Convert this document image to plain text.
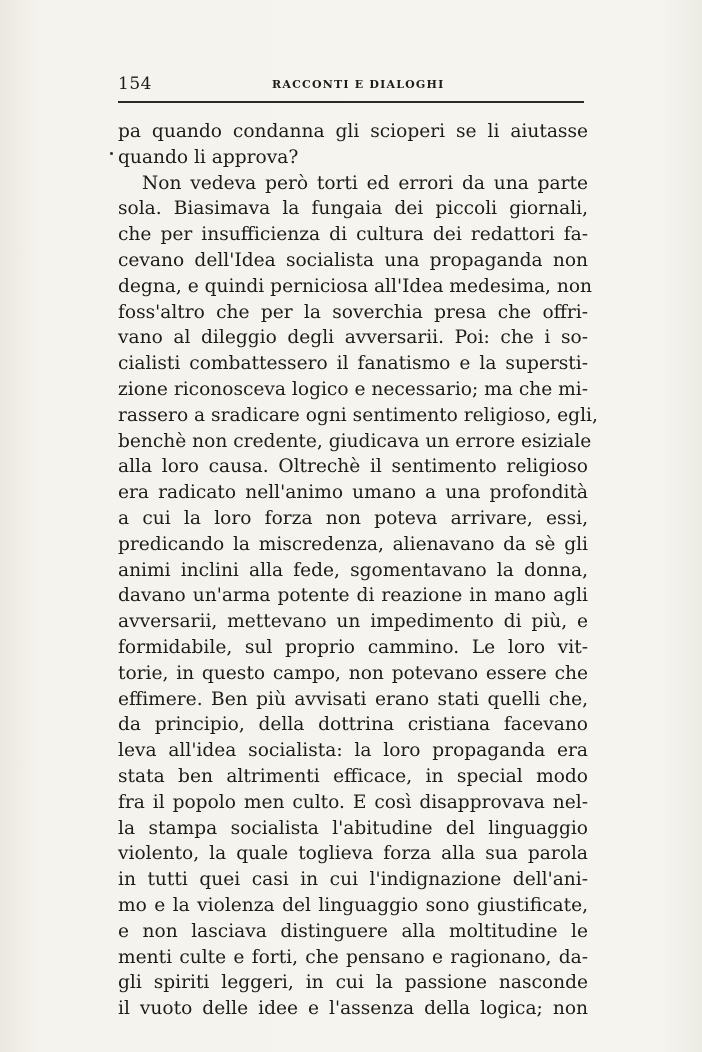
154	RACCONTI E DIALOGHI
pa quando condanna gli scioperi se li aiutasse
quando li approva?
Non vedeva però torti ed errori da una parte
sola. Biasimava la fungaia dei piccoli giornali,
che per insufficienza di cultura dei redattori fa-
cevano dell'Idea socialista una propaganda non
degna, e quindi perniciosa all'Idea medesima, non
foss'altro che per la soverchia presa che offri-
vano al dileggio degli avversarii. Poi: che i so-
cialisti combattessero il fanatismo e la supersti-
zione riconosceva logico e necessario; ma che mi-
rassero a sradicare ogni sentimento religioso, egli,
benchè non credente, giudicava un errore esiziale
alla loro causa. Oltrechè il sentimento religioso
era radicato nell'animo umano a una profondità
a cui la loro forza non poteva arrivare, essi,
predicando la miscredenza, alienavano da sè gli
animi inclini alla fede, sgomentavano la donna,
davano un'arma potente di reazione in mano agli
avversarii, mettevano un impedimento di più, e
formidabile, sul proprio cammino. Le loro vit-
torie, in questo campo, non potevano essere che
effimere. Ben più avvisati erano stati quelli che,
da principio, della dottrina cristiana facevano
leva all'idea socialista: la loro propaganda era
stata ben altrimenti efficace, in special modo
fra il popolo men culto. E così disapprovava nel-
la stampa socialista l'abitudine del linguaggio
violento, la quale toglieva forza alla sua parola
in tutti quei casi in cui l'indignazione dell'ani-
mo e la violenza del linguaggio sono giustificate,
e non lasciava distinguere alla moltitudine le
menti culte e forti, che pensano e ragionano, da-
gli spiriti leggeri, in cui la passione nasconde
il vuoto delle idee e l'assenza della logica; non
